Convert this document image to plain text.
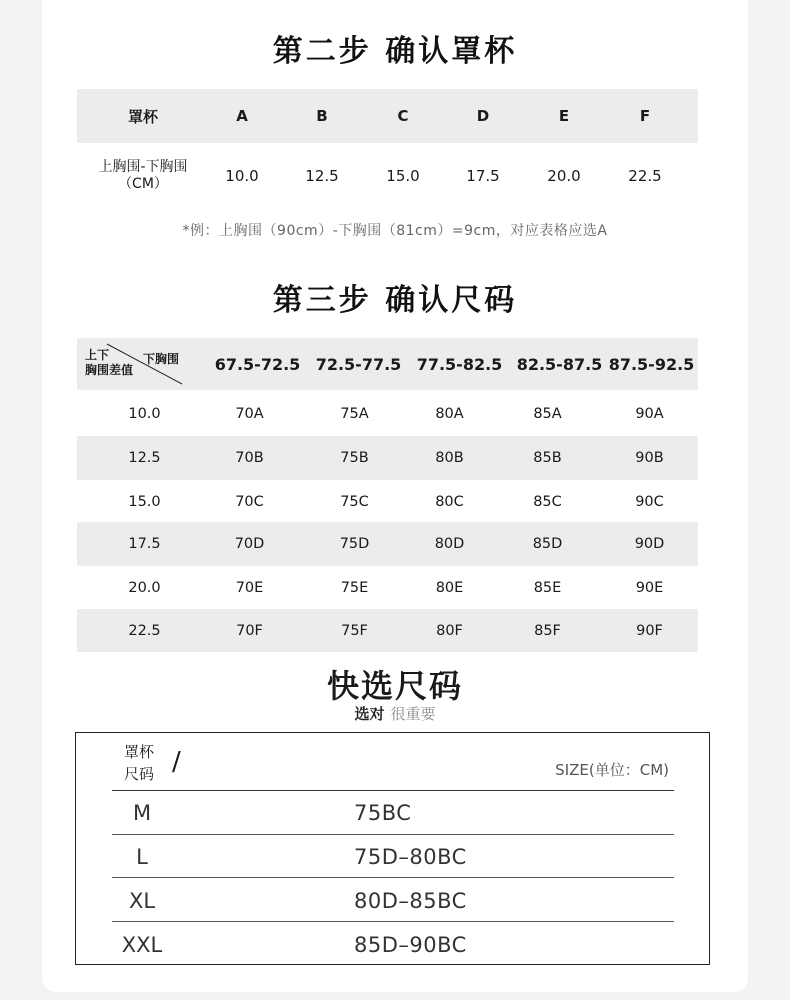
第二步 确认罩杯
罩杯	A	B	C	D	E	F
上胸围-下胸围
（CM）	10.0	12.5	15.0	17.5	20.0	22.5
*例：上胸围（90cm）-下胸围（81cm）=9cm，对应表格应选A
第三步 确认尺码
上下
胸围差值
下胸围	67.5-72.5 72.5-77.5 77.5-82.5 82.5-87.5 87.5-92.5
10.0	70A	75A	80A	85A	90A
12.5	70B	75B	80B	85B	90B
15.0	70C	75C	80C	85C	90C
17.5	70D	75D	80D	85D	90D
20.0	70E	75E	80E	85E	90E
22.5	70F	75F	80F	85F	90F
快选尺码
选对 很重要
罩杯
尺码 /	SIZE(单位：CM)
M	75BC
L	75D–80BC
XL	80D–85BC
XXL	85D–90BC
